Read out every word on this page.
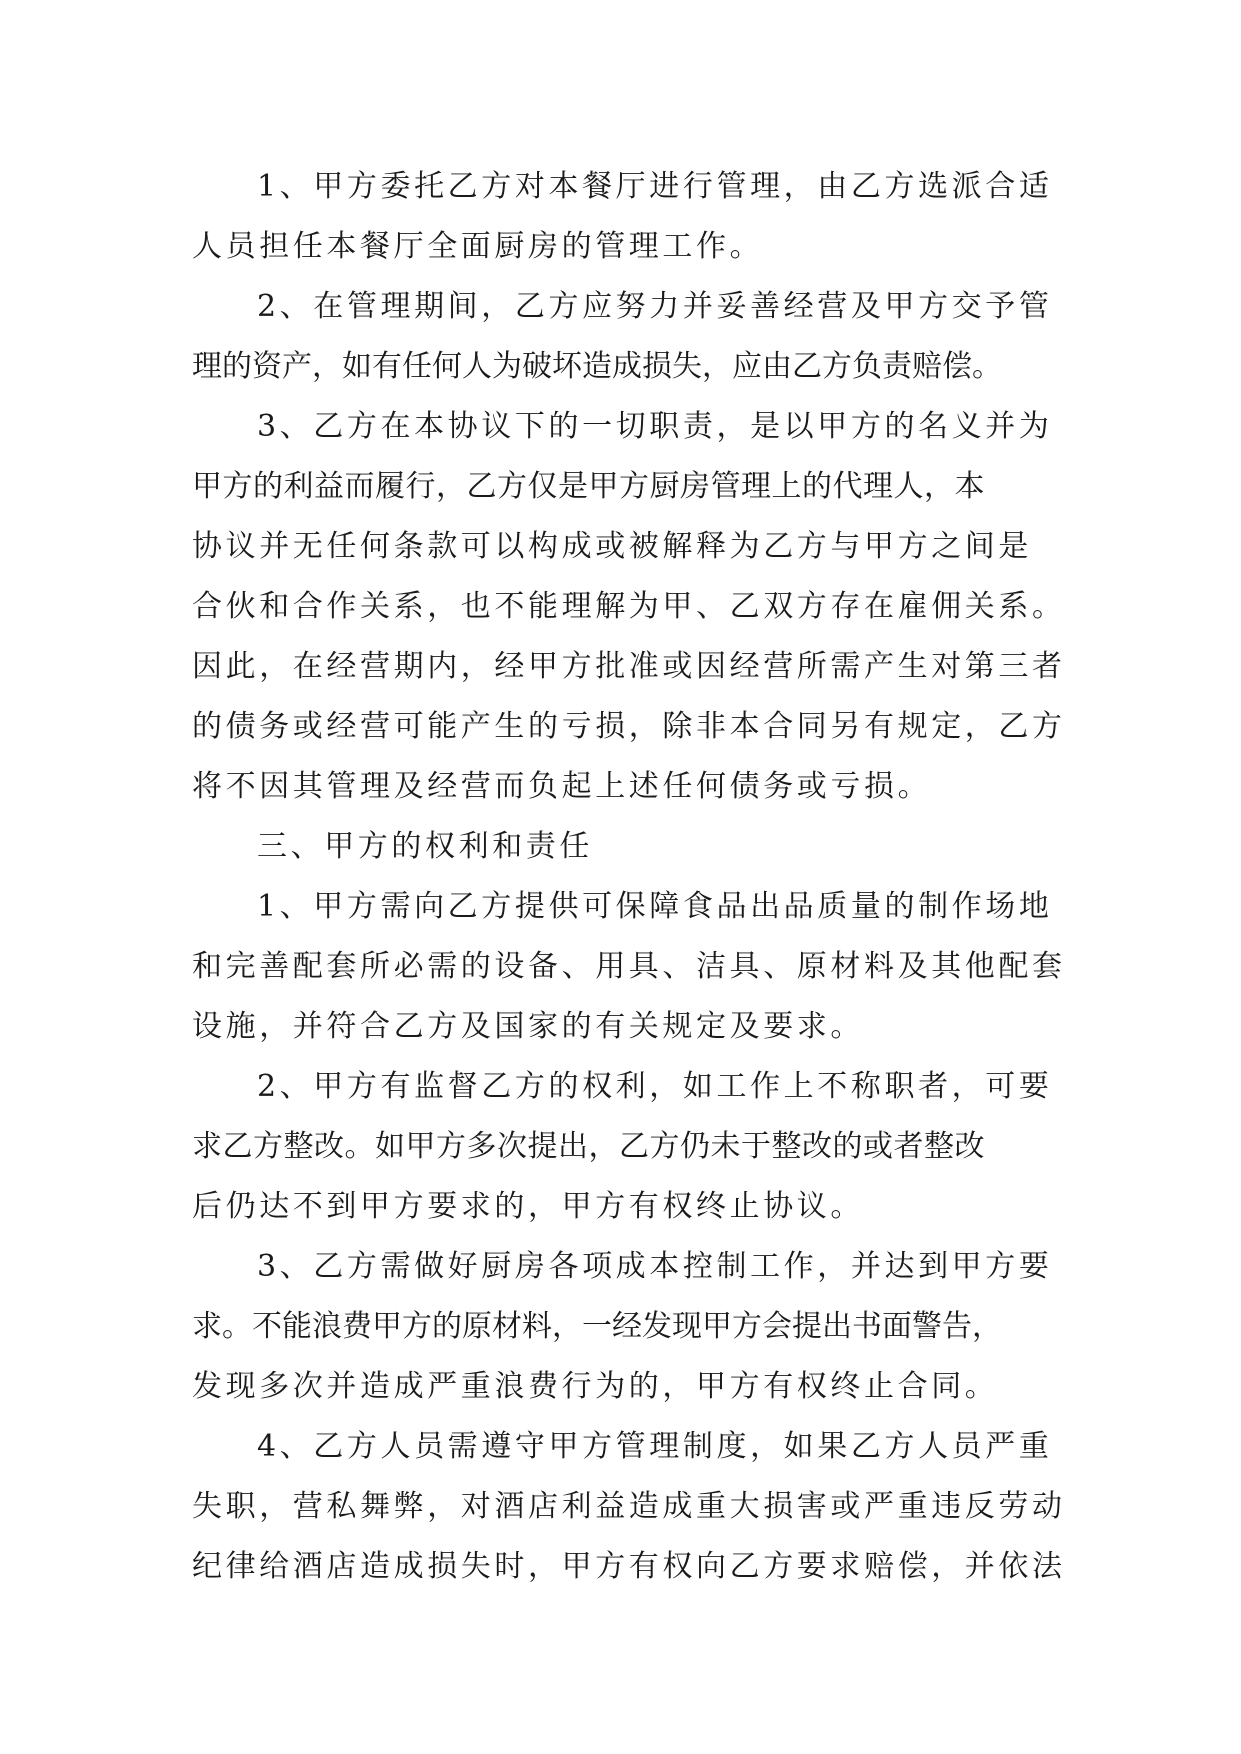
1、甲方委托乙方对本餐厅进行管理，由乙方选派合适
人员担任本餐厅全面厨房的管理工作。
2、在管理期间，乙方应努力并妥善经营及甲方交予管
理的资产，如有任何人为破坏造成损失，应由乙方负责赔偿。
3、乙方在本协议下的一切职责，是以甲方的名义并为
甲方的利益而履行，乙方仅是甲方厨房管理上的代理人，本
协议并无任何条款可以构成或被解释为乙方与甲方之间是
合伙和合作关系，也不能理解为甲、乙双方存在雇佣关系。
因此，在经营期内，经甲方批准或因经营所需产生对第三者
的债务或经营可能产生的亏损，除非本合同另有规定，乙方
将不因其管理及经营而负起上述任何债务或亏损。
三、甲方的权利和责任
1、甲方需向乙方提供可保障食品出品质量的制作场地
和完善配套所必需的设备、用具、洁具、原材料及其他配套
设施，并符合乙方及国家的有关规定及要求。
2、甲方有监督乙方的权利，如工作上不称职者，可要
求乙方整改。如甲方多次提出，乙方仍未于整改的或者整改
后仍达不到甲方要求的，甲方有权终止协议。
3、乙方需做好厨房各项成本控制工作，并达到甲方要
求。不能浪费甲方的原材料，一经发现甲方会提出书面警告，
发现多次并造成严重浪费行为的，甲方有权终止合同。
4、乙方人员需遵守甲方管理制度，如果乙方人员严重
失职，营私舞弊，对酒店利益造成重大损害或严重违反劳动
纪律给酒店造成损失时，甲方有权向乙方要求赔偿，并依法
